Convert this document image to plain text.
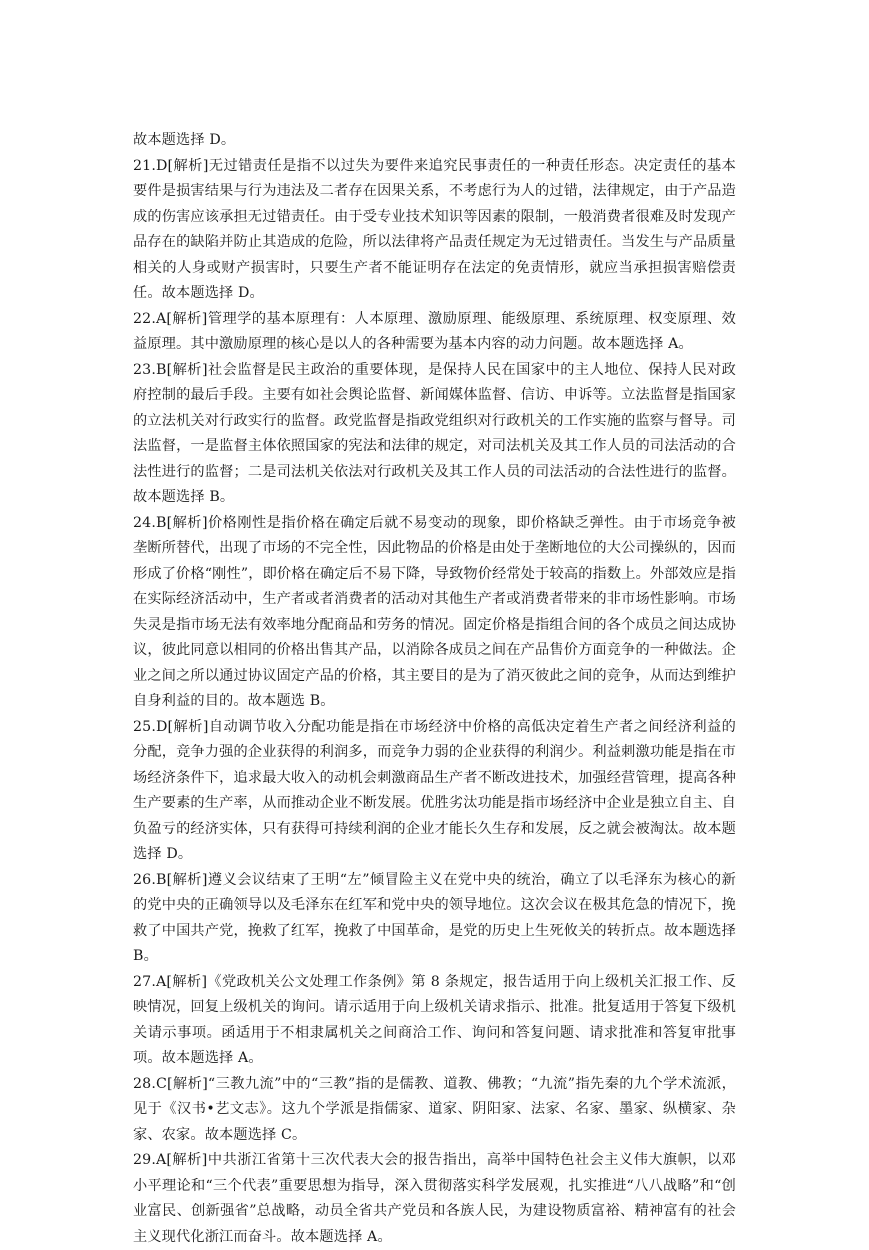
故本题选择 D。

21.D[解析]无过错责任是指不以过失为要件来追究民事责任的一种责任形态。决定责任的基本要件是损害结果与行为违法及二者存在因果关系，不考虑行为人的过错，法律规定，由于产品造成的伤害应该承担无过错责任。由于受专业技术知识等因素的限制，一般消费者很难及时发现产品存在的缺陷并防止其造成的危险，所以法律将产品责任规定为无过错责任。当发生与产品质量相关的人身或财产损害时，只要生产者不能证明存在法定的免责情形，就应当承担损害赔偿责任。故本题选择 D。

22.A[解析]管理学的基本原理有：人本原理、激励原理、能级原理、系统原理、权变原理、效益原理。其中激励原理的核心是以人的各种需要为基本内容的动力问题。故本题选择 A。

23.B[解析]社会监督是民主政治的重要体现，是保持人民在国家中的主人地位、保持人民对政府控制的最后手段。主要有如社会舆论监督、新闻媒体监督、信访、申诉等。立法监督是指国家的立法机关对行政实行的监督。政党监督是指政党组织对行政机关的工作实施的监察与督导。司法监督，一是监督主体依照国家的宪法和法律的规定，对司法机关及其工作人员的司法活动的合法性进行的监督；二是司法机关依法对行政机关及其工作人员的司法活动的合法性进行的监督。故本题选择 B。

24.B[解析]价格刚性是指价格在确定后就不易变动的现象，即价格缺乏弹性。由于市场竞争被垄断所替代，出现了市场的不完全性，因此物品的价格是由处于垄断地位的大公司操纵的，因而形成了价格“刚性”，即价格在确定后不易下降，导致物价经常处于较高的指数上。外部效应是指在实际经济活动中，生产者或者消费者的活动对其他生产者或消费者带来的非市场性影响。市场失灵是指市场无法有效率地分配商品和劳务的情况。固定价格是指组合间的各个成员之间达成协议，彼此同意以相同的价格出售其产品，以消除各成员之间在产品售价方面竞争的一种做法。企业之间之所以通过协议固定产品的价格，其主要目的是为了消灭彼此之间的竞争，从而达到维护自身利益的目的。故本题选 B。

25.D[解析]自动调节收入分配功能是指在市场经济中价格的高低决定着生产者之间经济利益的分配，竞争力强的企业获得的利润多，而竞争力弱的企业获得的利润少。利益刺激功能是指在市场经济条件下，追求最大收入的动机会刺激商品生产者不断改进技术，加强经营管理，提高各种生产要素的生产率，从而推动企业不断发展。优胜劣汰功能是指市场经济中企业是独立自主、自负盈亏的经济实体，只有获得可持续利润的企业才能长久生存和发展，反之就会被淘汰。故本题选择 D。

26.B[解析]遵义会议结束了王明“左”倾冒险主义在党中央的统治，确立了以毛泽东为核心的新的党中央的正确领导以及毛泽东在红军和党中央的领导地位。这次会议在极其危急的情况下，挽救了中国共产党，挽救了红军，挽救了中国革命，是党的历史上生死攸关的转折点。故本题选择 B。

27.A[解析]《党政机关公文处理工作条例》第 8 条规定，报告适用于向上级机关汇报工作、反映情况，回复上级机关的询问。请示适用于向上级机关请求指示、批准。批复适用于答复下级机关请示事项。函适用于不相隶属机关之间商洽工作、询问和答复问题、请求批准和答复审批事项。故本题选择 A。

28.C[解析]“三教九流”中的“三教”指的是儒教、道教、佛教；“九流”指先秦的九个学术流派，见于《汉书•艺文志》。这九个学派是指儒家、道家、阴阳家、法家、名家、墨家、纵横家、杂家、农家。故本题选择 C。

29.A[解析]中共浙江省第十三次代表大会的报告指出，高举中国特色社会主义伟大旗帜，以邓小平理论和“三个代表”重要思想为指导，深入贯彻落实科学发展观，扎实推进“八八战略”和“创业富民、创新强省”总战略，动员全省共产党员和各族人民，为建设物质富裕、精神富有的社会主义现代化浙江而奋斗。故本题选择 A。
